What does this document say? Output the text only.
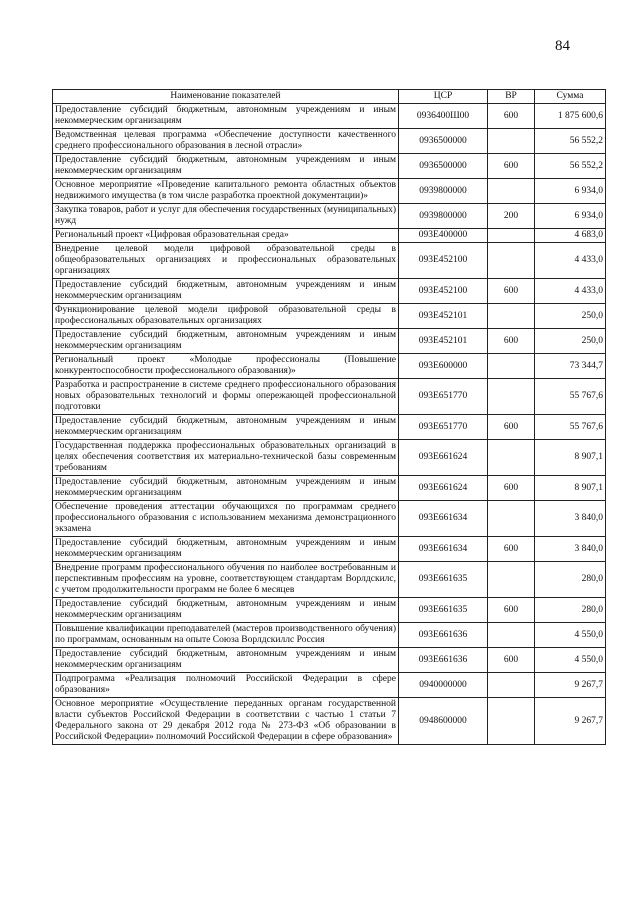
84
Наименование показателей	ЦСР	ВР	Сумма
Предоставление субсидий бюджетным, автономным учреждениям и иным некоммерческим организациям	0936400Ш00	600	1 875 600,6
Ведомственная целевая программа «Обеспечение доступности качественного среднего профессионального образования в лесной отрасли»	0936500000		56 552,2
Предоставление субсидий бюджетным, автономным учреждениям и иным некоммерческим организациям	0936500000	600	56 552,2
Основное мероприятие «Проведение капитального ремонта областных объектов недвижимого имущества (в том числе разработка проектной документации)»	0939800000		6 934,0
Закупка товаров, работ и услуг для обеспечения государственных (муниципальных) нужд	0939800000	200	6 934,0
Региональный проект «Цифровая образовательная среда»	093E400000		4 683,0
Внедрение целевой модели цифровой образовательной среды в общеобразовательных организациях и профессиональных образовательных организациях	093E452100		4 433,0
Предоставление субсидий бюджетным, автономным учреждениям и иным некоммерческим организациям	093E452100	600	4 433,0
Функционирование целевой модели цифровой образовательной среды в профессиональных образовательных организациях	093E452101		250,0
Предоставление субсидий бюджетным, автономным учреждениям и иным некоммерческим организациям	093E452101	600	250,0
Региональный проект «Молодые профессионалы (Повышение конкурентоспособности профессионального образования)»	093E600000		73 344,7
Разработка и распространение в системе среднего профессионального образования новых образовательных технологий и формы опережающей профессиональной подготовки	093E651770		55 767,6
Предоставление субсидий бюджетным, автономным учреждениям и иным некоммерческим организациям	093E651770	600	55 767,6
Государственная поддержка профессиональных образовательных организаций в целях обеспечения соответствия их материально-технической базы современным требованиям	093E661624		8 907,1
Предоставление субсидий бюджетным, автономным учреждениям и иным некоммерческим организациям	093E661624	600	8 907,1
Обеспечение проведения аттестации обучающихся по программам среднего профессионального образования с использованием механизма демонстрационного экзамена	093E661634		3 840,0
Предоставление субсидий бюджетным, автономным учреждениям и иным некоммерческим организациям	093E661634	600	3 840,0
Внедрение программ профессионального обучения по наиболее востребованным и перспективным профессиям на уровне, соответствующем стандартам Ворлдскилс, с учетом продолжительности программ не более 6 месяцев	093E661635		280,0
Предоставление субсидий бюджетным, автономным учреждениям и иным некоммерческим организациям	093E661635	600	280,0
Повышение квалификации преподавателей (мастеров производственного обучения) по программам, основанным на опыте Союза Ворлдскиллс Россия	093E661636		4 550,0
Предоставление субсидий бюджетным, автономным учреждениям и иным некоммерческим организациям	093E661636	600	4 550,0
Подпрограмма «Реализация полномочий Российской Федерации в сфере образования»	0940000000		9 267,7
Основное мероприятие «Осуществление переданных органам государственной власти субъектов Российской Федерации в соответствии с частью 1 статьи 7 Федерального закона от 29 декабря 2012 года № 273-ФЗ «Об образовании в Российской Федерации» полномочий Российской Федерации в сфере образования»	0948600000		9 267,7
